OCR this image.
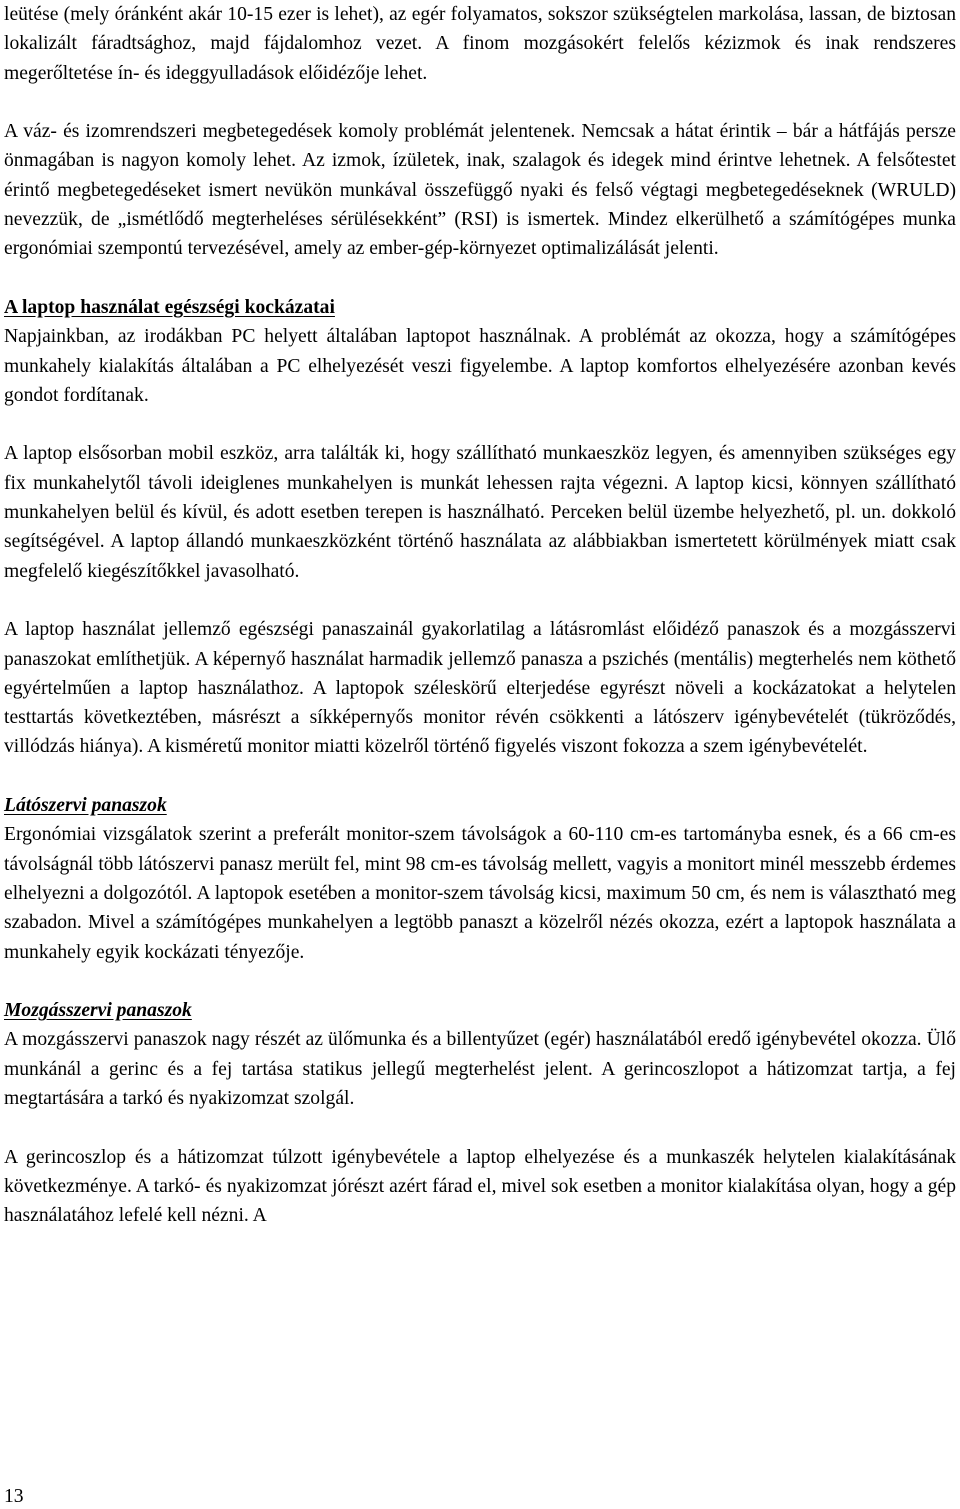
leütése (mely óránként akár 10-15 ezer is lehet), az egér folyamatos, sokszor szükségtelen markolása, lassan, de biztosan lokalizált fáradtsághoz, majd fájdalomhoz vezet. A finom mozgásokért felelős kézizmok és inak rendszeres megerőltetése ín- és ideggyulladások előidézője lehet.

A váz- és izomrendszeri megbetegedések komoly problémát jelentenek. Nemcsak a hátat érintik – bár a hátfájás persze önmagában is nagyon komoly lehet. Az izmok, ízületek, inak, szalagok és idegek mind érintve lehetnek. A felsőtestet érintő megbetegedéseket ismert nevükön munkával összefüggő nyaki és felső végtagi megbetegedéseknek (WRULD) nevezzük, de „ismétlődő megterheléses sérülésekként” (RSI) is ismertek. Mindez elkerülhető a számítógépes munka ergonómiai szempontú tervezésével, amely az ember-gép-környezet optimalizálását jelenti.

A laptop használat egészségi kockázatai

Napjainkban, az irodákban PC helyett általában laptopot használnak. A problémát az okozza, hogy a számítógépes munkahely kialakítás általában a PC elhelyezését veszi figyelembe. A laptop komfortos elhelyezésére azonban kevés gondot fordítanak.

A laptop elsősorban mobil eszköz, arra találták ki, hogy szállítható munkaeszköz legyen, és amennyiben szükséges egy fix munkahelytől távoli ideiglenes munkahelyen is munkát lehessen rajta végezni. A laptop kicsi, könnyen szállítható munkahelyen belül és kívül, és adott esetben terepen is használható. Perceken belül üzembe helyezhető, pl. un. dokkoló segítségével. A laptop állandó munkaeszközként történő használata az alábbiakban ismertetett körülmények miatt csak megfelelő kiegészítőkkel javasolható.

A laptop használat jellemző egészségi panaszainál gyakorlatilag a látásromlást előidéző panaszok és a mozgásszervi panaszokat említhetjük. A képernyő használat harmadik jellemző panasza a pszichés (mentális) megterhelés nem köthető egyértelműen a laptop használathoz. A laptopok széleskörű elterjedése egyrészt növeli a kockázatokat a helytelen testtartás következtében, másrészt a síkképernyős monitor révén csökkenti a látószerv igénybevételét (tükröződés, villódzás hiánya). A kisméretű monitor miatti közelről történő figyelés viszont fokozza a szem igénybevételét.

Látószervi panaszok

Ergonómiai vizsgálatok szerint a preferált monitor-szem távolságok a 60-110 cm-es tartományba esnek, és a 66 cm-es távolságnál több látószervi panasz merült fel, mint 98 cm-es távolság mellett, vagyis a monitort minél messzebb érdemes elhelyezni a dolgozótól. A laptopok esetében a monitor-szem távolság kicsi, maximum 50 cm, és nem is választható meg szabadon. Mivel a számítógépes munkahelyen a legtöbb panaszt a közelről nézés okozza, ezért a laptopok használata a munkahely egyik kockázati tényezője.

Mozgásszervi panaszok

A mozgásszervi panaszok nagy részét az ülőmunka és a billentyűzet (egér) használatából eredő igénybevétel okozza. Ülő munkánál a gerinc és a fej tartása statikus jellegű megterhelést jelent. A gerincoszlopot a hátizomzat tartja, a fej megtartására a tarkó és nyakizomzat szolgál.

A gerincoszlop és a hátizomzat túlzott igénybevétele a laptop elhelyezése és a munkaszék helytelen kialakításának következménye. A tarkó- és nyakizomzat jórészt azért fárad el, mivel sok esetben a monitor kialakítása olyan, hogy a gép használatához lefelé kell nézni. A

13
